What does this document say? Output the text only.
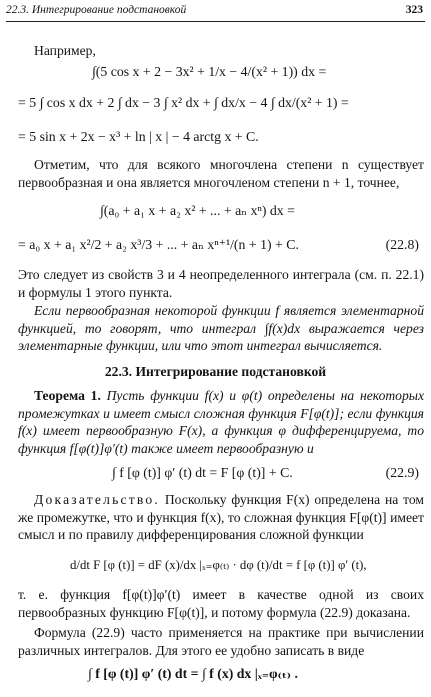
22.3. Интегрирование подстановкой	323
Например,
∫(5 cos x + 2 − 3x² + 1/x − 4/(x² + 1)) dx =
= 5 ∫ cos x dx + 2 ∫ dx − 3 ∫ x² dx + ∫ dx/x − 4 ∫ dx/(x² + 1) =
= 5 sin x + 2x − x³ + ln | x | − 4 arctg x + C.
Отметим, что для всякого многочлена степени n существует первообразная и она является многочленом степени n + 1, точнее,
∫(a₀ + a₁ x + a₂ x² + ... + aₙ xⁿ) dx =
= a₀ x + a₁ x²/2 + a₂ x³/3 + ... + aₙ xⁿ⁺¹/(n + 1) + C.	(22.8)
Это следует из свойств 3 и 4 неопределенного интеграла (см. п. 22.1) и формулы 1 этого пункта.
Если первообразная некоторой функции f является элементарной функцией, то говорят, что интеграл ∫f(x)dx выражается через элементарные функции, или что этот интеграл вычисляется.
22.3. Интегрирование подстановкой
Теорема 1. Пусть функции f(x) и φ(t) определены на некоторых промежутках и имеет смысл сложная функция F[φ(t)]; если функция f(x) имеет первообразную F(x), а функция φ дифференцируема, то функция f[φ(t)]φ′(t) также имеет первообразную и
∫ f [φ (t)] φ′ (t) dt = F [φ (t)] + C.	(22.9)
Доказательство. Поскольку функция F(x) определена на том же промежутке, что и функция f(x), то сложная функция F[φ(t)] имеет смысл и по правилу дифференцирования сложной функции
d/dt F [φ (t)] = dF (x)/dx |ₓ₌φ₍ₜ₎ · dφ (t)/dt = f [φ (t)] φ′ (t),
т. е. функция f[φ(t)]φ′(t) имеет в качестве одной из своих первообразных функцию F[φ(t)], и потому формула (22.9) доказана.
Формула (22.9) часто применяется на практике при вычислении различных интегралов. Для этого ее удобно записать в виде
∫ f [φ (t)] φ′ (t) dt = ∫ f (x) dx |ₓ₌φ₍ₜ₎ .
